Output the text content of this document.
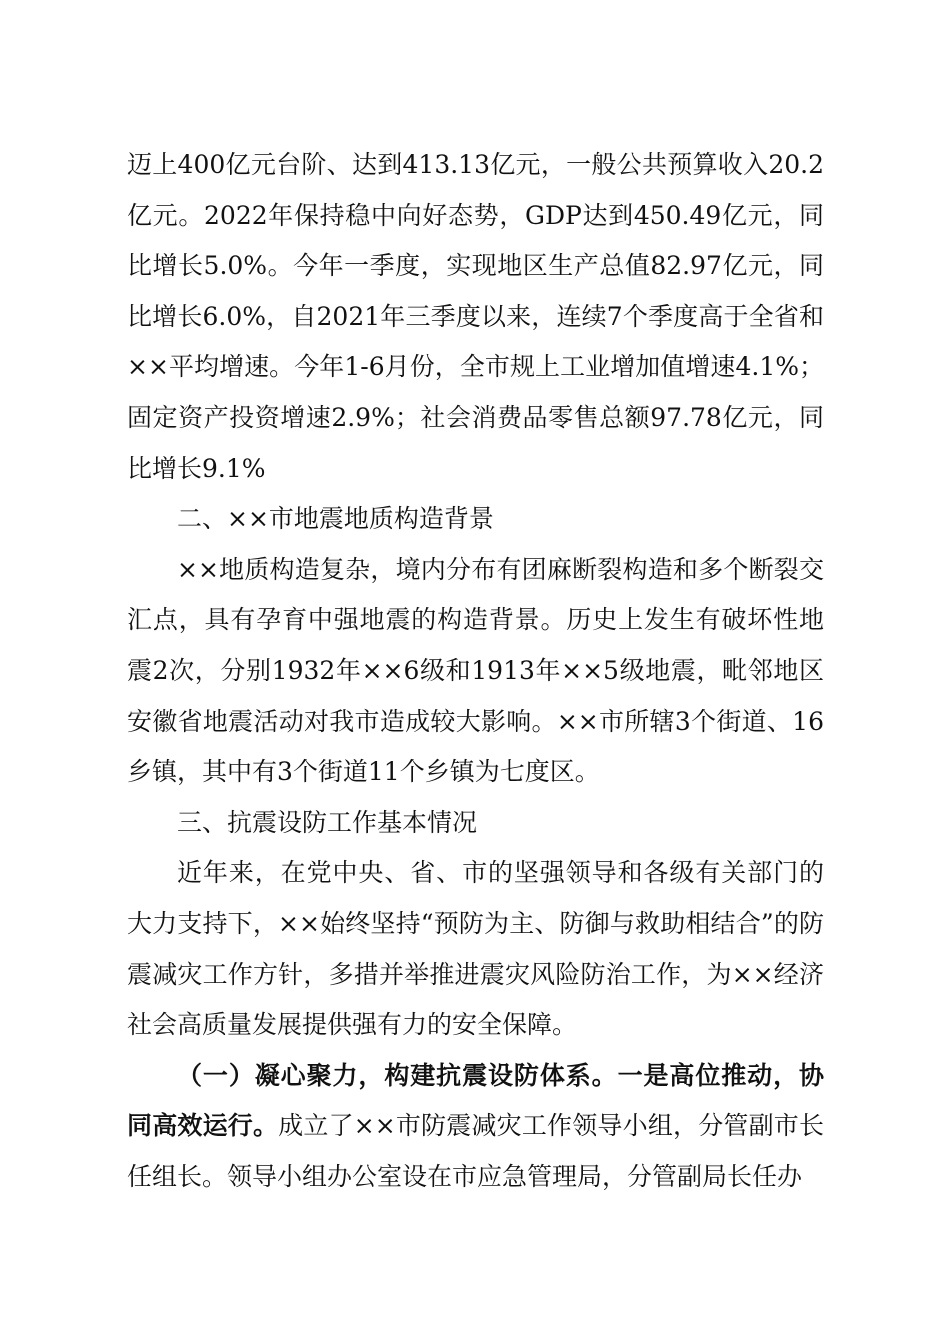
迈上400亿元台阶、达到413.13亿元，一般公共预算收入20.2亿元。2022年保持稳中向好态势，GDP达到450.49亿元，同比增长5.0%。今年一季度，实现地区生产总值82.97亿元，同比增长6.0%，自2021年三季度以来，连续7个季度高于全省和××平均增速。今年1-6月份，全市规上工业增加值增速4.1%；固定资产投资增速2.9%；社会消费品零售总额97.78亿元，同比增长9.1%

二、××市地震地质构造背景

××地质构造复杂，境内分布有团麻断裂构造和多个断裂交汇点，具有孕育中强地震的构造背景。历史上发生有破坏性地震2次，分别1932年××6级和1913年××5级地震，毗邻地区安徽省地震活动对我市造成较大影响。××市所辖3个街道、16乡镇，其中有3个街道11个乡镇为七度区。

三、抗震设防工作基本情况

近年来，在党中央、省、市的坚强领导和各级有关部门的大力支持下，××始终坚持“预防为主、防御与救助相结合”的防震减灾工作方针，多措并举推进震灾风险防治工作，为××经济社会高质量发展提供强有力的安全保障。

（一）凝心聚力，构建抗震设防体系。一是高位推动，协同高效运行。成立了××市防震减灾工作领导小组，分管副市长任组长。领导小组办公室设在市应急管理局，分管副局长任办
